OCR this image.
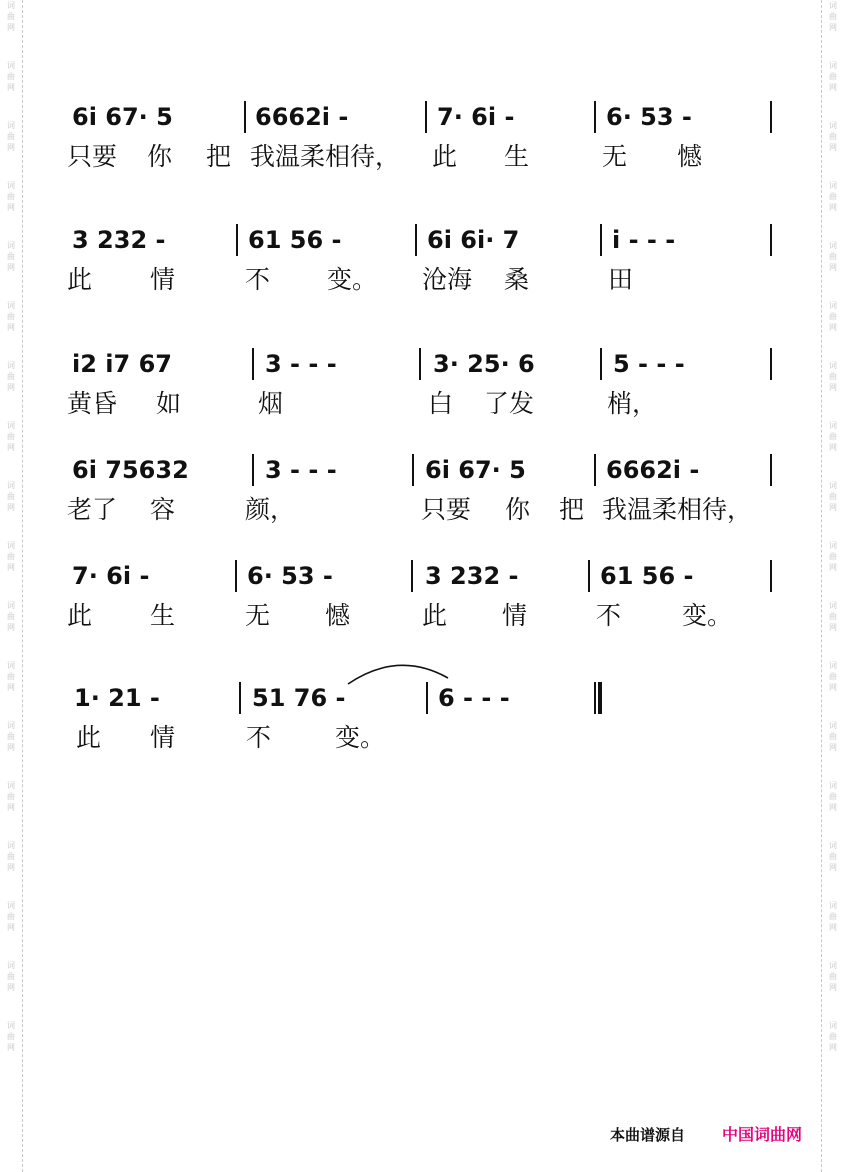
词
曲
网
词
曲
网
词
曲
网
词
曲
网
词
曲
网
词
曲
网
词
曲
网
词
曲
网
词
曲
网
词
曲
网
词
曲
网
词
曲
网
词
曲
网
词
曲
网
词
曲
网
词
曲
网
词
曲
网
词
曲
网
词
曲
网
词
曲
网
词
曲
网
词
曲
网
词
曲
网
词
曲
网
词
曲
网
词
曲
网
词
曲
网
词
曲
网
词
曲
网
词
曲
网
词
曲
网
词
曲
网
词
曲
网
词
曲
网
词
曲
网
词
曲
网
6i 67· 5	6662i -	7· 6i -	6· 53 -
只要 你 把 我温柔相待， 此 生	无 憾
3 232 -	61 56 -	6i 6i· 7	i - - -
此 情	不 变。 沧海 桑	田
i2 i7 67	3 - - -	3· 25· 6	5 - - -
黄昏 如	烟	白 了发	梢，
6i 75632	3 - - -	6i 67· 5	6662i -
老了 容	颜，	只要 你 把 我温柔相待，
7· 6i -	6· 53 -	3 232 -	61 56 -
此 生	无 憾	此 情	不 变。
1· 21 -	51 76 -	6 - - -
此 情	不	变。
本曲谱源自 中国词曲网
